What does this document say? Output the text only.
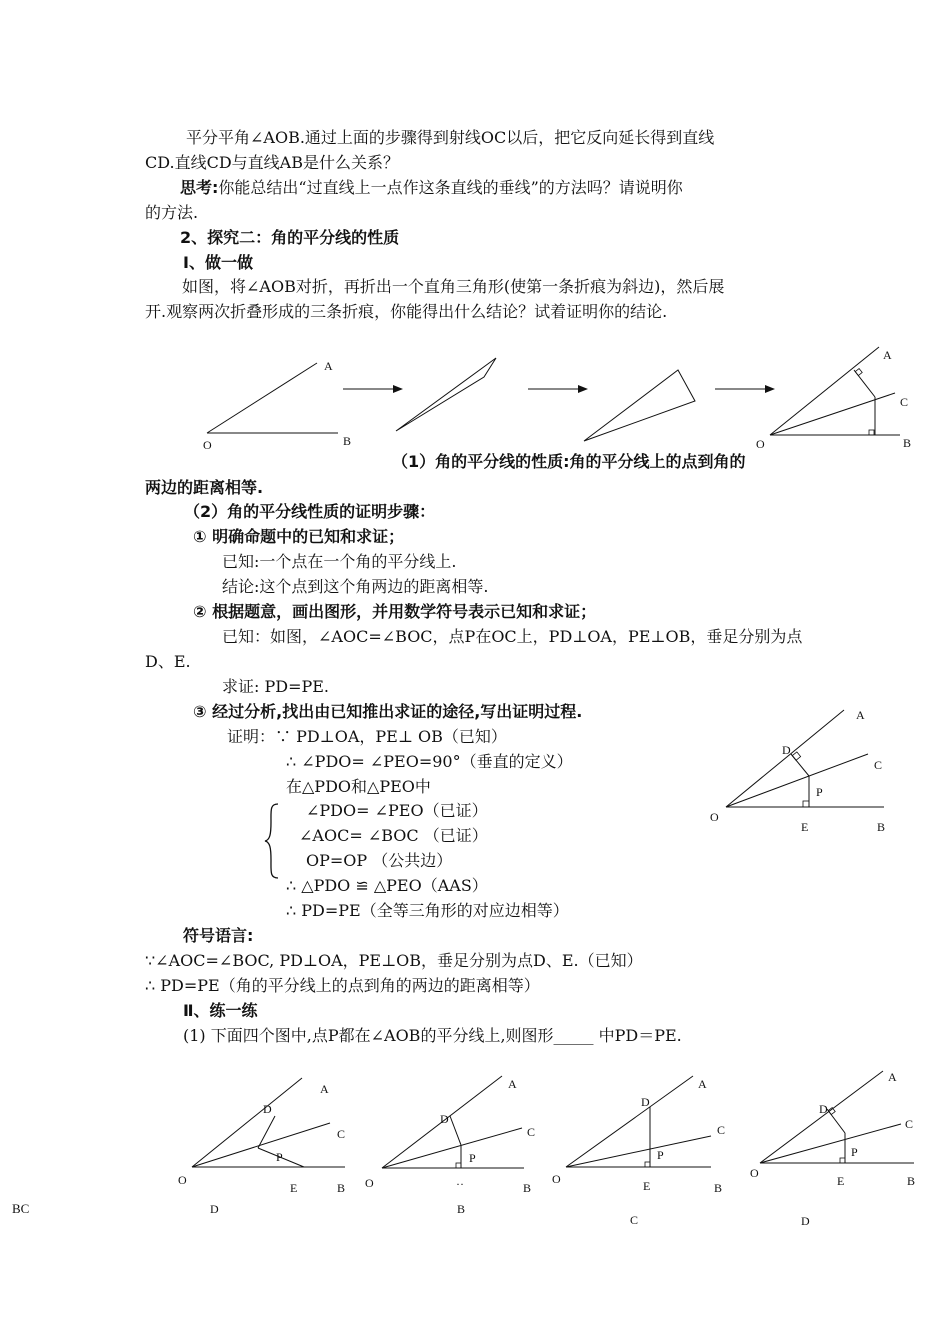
平分平角∠AOB.通过上面的步骤得到射线OC以后，把它反向延长得到直线
CD.直线CD与直线AB是什么关系？
思考:你能总结出“过直线上一点作这条直线的垂线”的方法吗？请说明你
的方法.
2、探究二：角的平分线的性质
Ⅰ、做一做
如图，将∠AOB对折，再折出一个直角三角形(使第一条折痕为斜边)，然后展
开.观察两次折叠形成的三条折痕，你能得出什么结论？试着证明你的结论.
A
O	B
A
C
O	B
（1）角的平分线的性质:角的平分线上的点到角的
两边的距离相等.
（2）角的平分线性质的证明步骤：
① 明确命题中的已知和求证；
已知:一个点在一个角的平分线上.
结论:这个点到这个角两边的距离相等.
② 根据题意，画出图形，并用数学符号表示已知和求证；
已知：如图，∠AOC=∠BOC，点P在OC上，PD⊥OA，PE⊥OB，垂足分别为点
D、E.
求证: PD=PE.
③ 经过分析,找出由已知推出求证的途径,写出证明过程.
证明：∵ PD⊥OA，PE⊥ OB（已知）
∴ ∠PDO= ∠PEO=90°（垂直的定义）
在△PDO和△PEO中
∠PDO= ∠PEO（已证）
∠AOC= ∠BOC （已证）
OP=OP （公共边）
∴ △PDO ≌ △PEO（AAS）
∴ PD=PE（全等三角形的对应边相等）
A
D
C
P
O
E	B
符号语言:
∵∠AOC=∠BOC, PD⊥OA，PE⊥OB，垂足分别为点D、E.（已知）
∴ PD=PE（角的平分线上的点到角的两边的距离相等）
Ⅱ、练一练
(1) 下面四个图中,点P都在∠AOB的平分线上,则图形_____ 中PD＝PE.
A
D
C
P
O
E	B
D
A
D
C
P
O	··	B
B
A
D
C
P
O	E	B
C
A
D
C
P
O
E	B
D
BC
